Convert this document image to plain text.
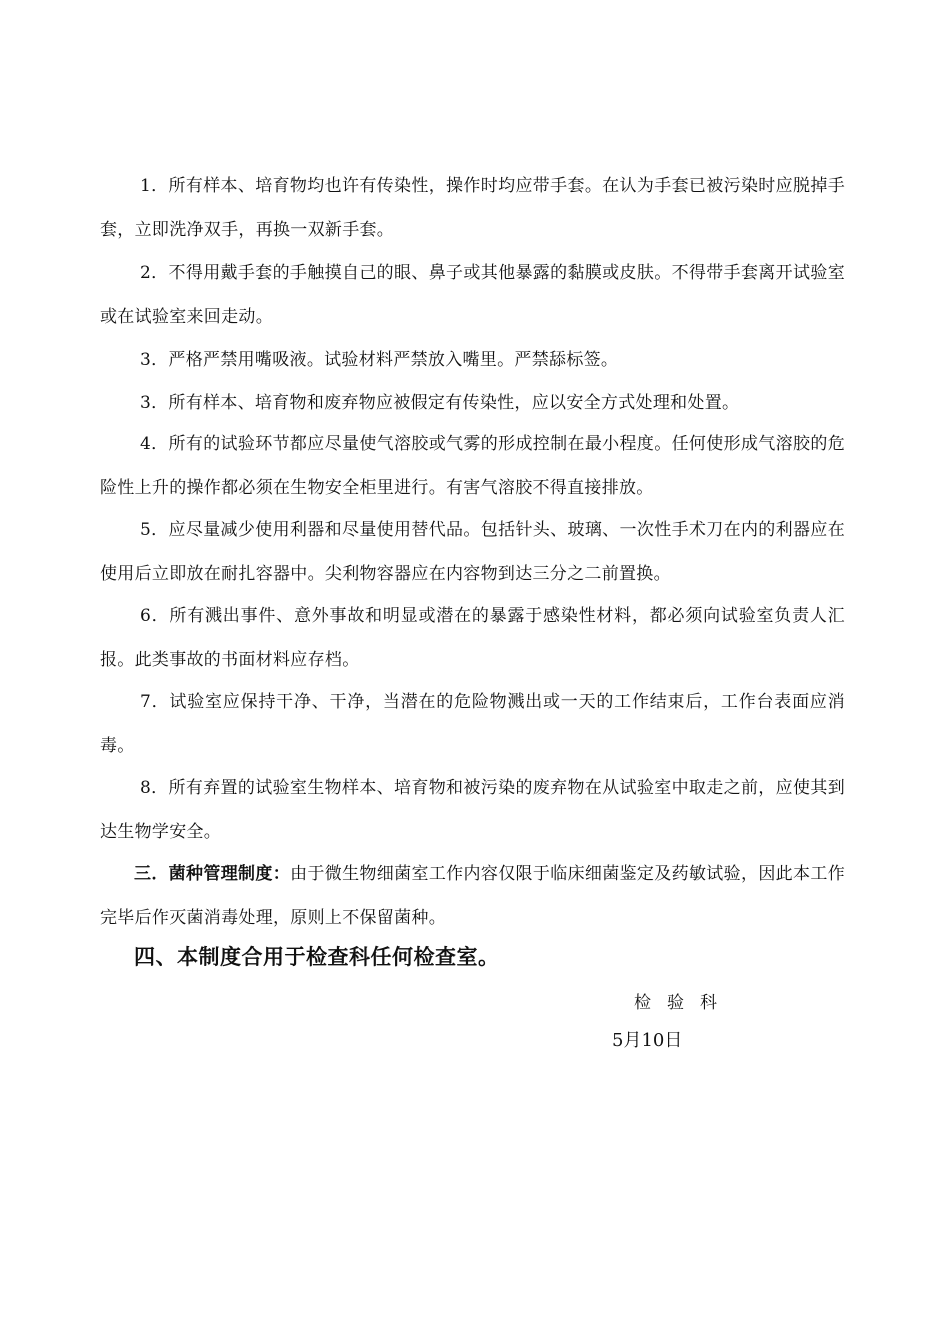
1．所有样本、培育物均也许有传染性，操作时均应带手套。在认为手套已被污染时应脱掉手套，立即洗净双手，再换一双新手套。

2．不得用戴手套的手触摸自己的眼、鼻子或其他暴露的黏膜或皮肤。不得带手套离开试验室或在试验室来回走动。

3．严格严禁用嘴吸液。试验材料严禁放入嘴里。严禁舔标签。

3．所有样本、培育物和废弃物应被假定有传染性，应以安全方式处理和处置。

4．所有的试验环节都应尽量使气溶胶或气雾的形成控制在最小程度。任何使形成气溶胶的危险性上升的操作都必须在生物安全柜里进行。有害气溶胶不得直接排放。

5．应尽量减少使用利器和尽量使用替代品。包括针头、玻璃、一次性手术刀在内的利器应在使用后立即放在耐扎容器中。尖利物容器应在内容物到达三分之二前置换。

6．所有溅出事件、意外事故和明显或潜在的暴露于感染性材料，都必须向试验室负责人汇报。此类事故的书面材料应存档。

7．试验室应保持干净、干净，当潜在的危险物溅出或一天的工作结束后，工作台表面应消毒。

8．所有弃置的试验室生物样本、培育物和被污染的废弃物在从试验室中取走之前，应使其到达生物学安全。

三．菌种管理制度：由于微生物细菌室工作内容仅限于临床细菌鉴定及药敏试验，因此本工作完毕后作灭菌消毒处理，原则上不保留菌种。

四、本制度合用于检查科任何检查室。

检验科
5月10日
